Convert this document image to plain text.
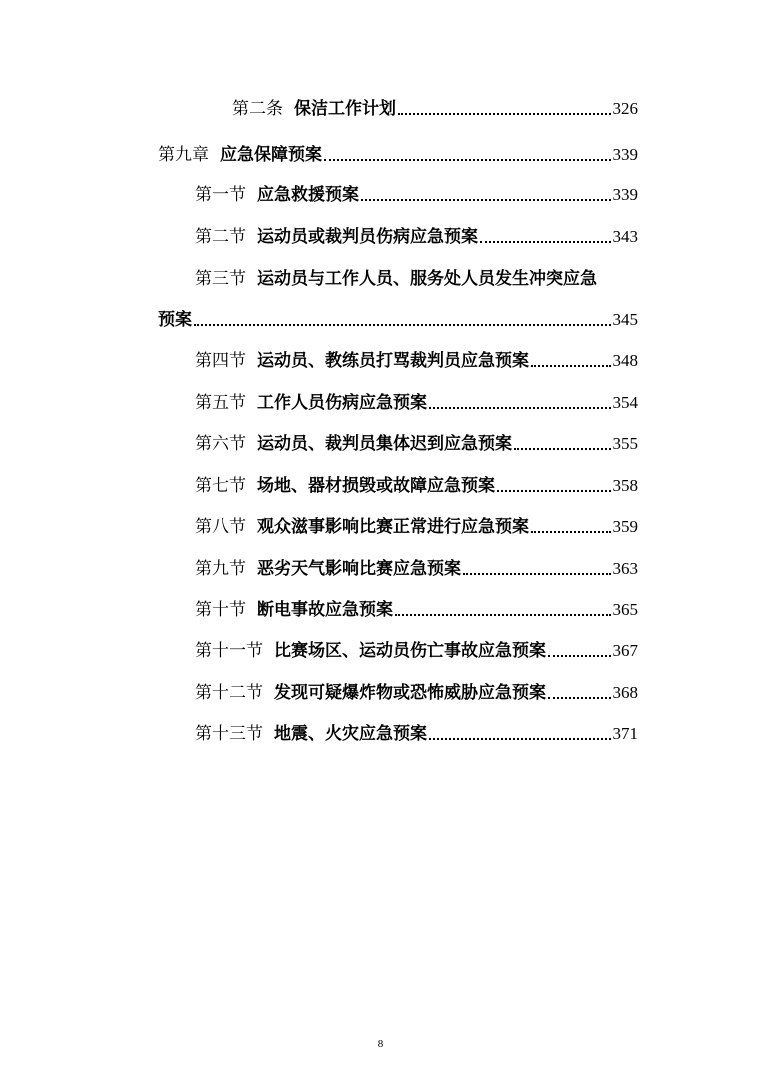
第二条 保洁工作计划	326
第九章 应急保障预案	339
第一节 应急救援预案	339
第二节 运动员或裁判员伤病应急预案	343
第三节 运动员与工作人员、服务处人员发生冲突应急
预案	345
第四节 运动员、教练员打骂裁判员应急预案	348
第五节 工作人员伤病应急预案	354
第六节 运动员、裁判员集体迟到应急预案	355
第七节 场地、器材损毁或故障应急预案	358
第八节 观众滋事影响比赛正常进行应急预案	359
第九节 恶劣天气影响比赛应急预案	363
第十节 断电事故应急预案	365
第十一节 比赛场区、运动员伤亡事故应急预案	367
第十二节 发现可疑爆炸物或恐怖威胁应急预案	368
第十三节 地震、火灾应急预案	371
8
